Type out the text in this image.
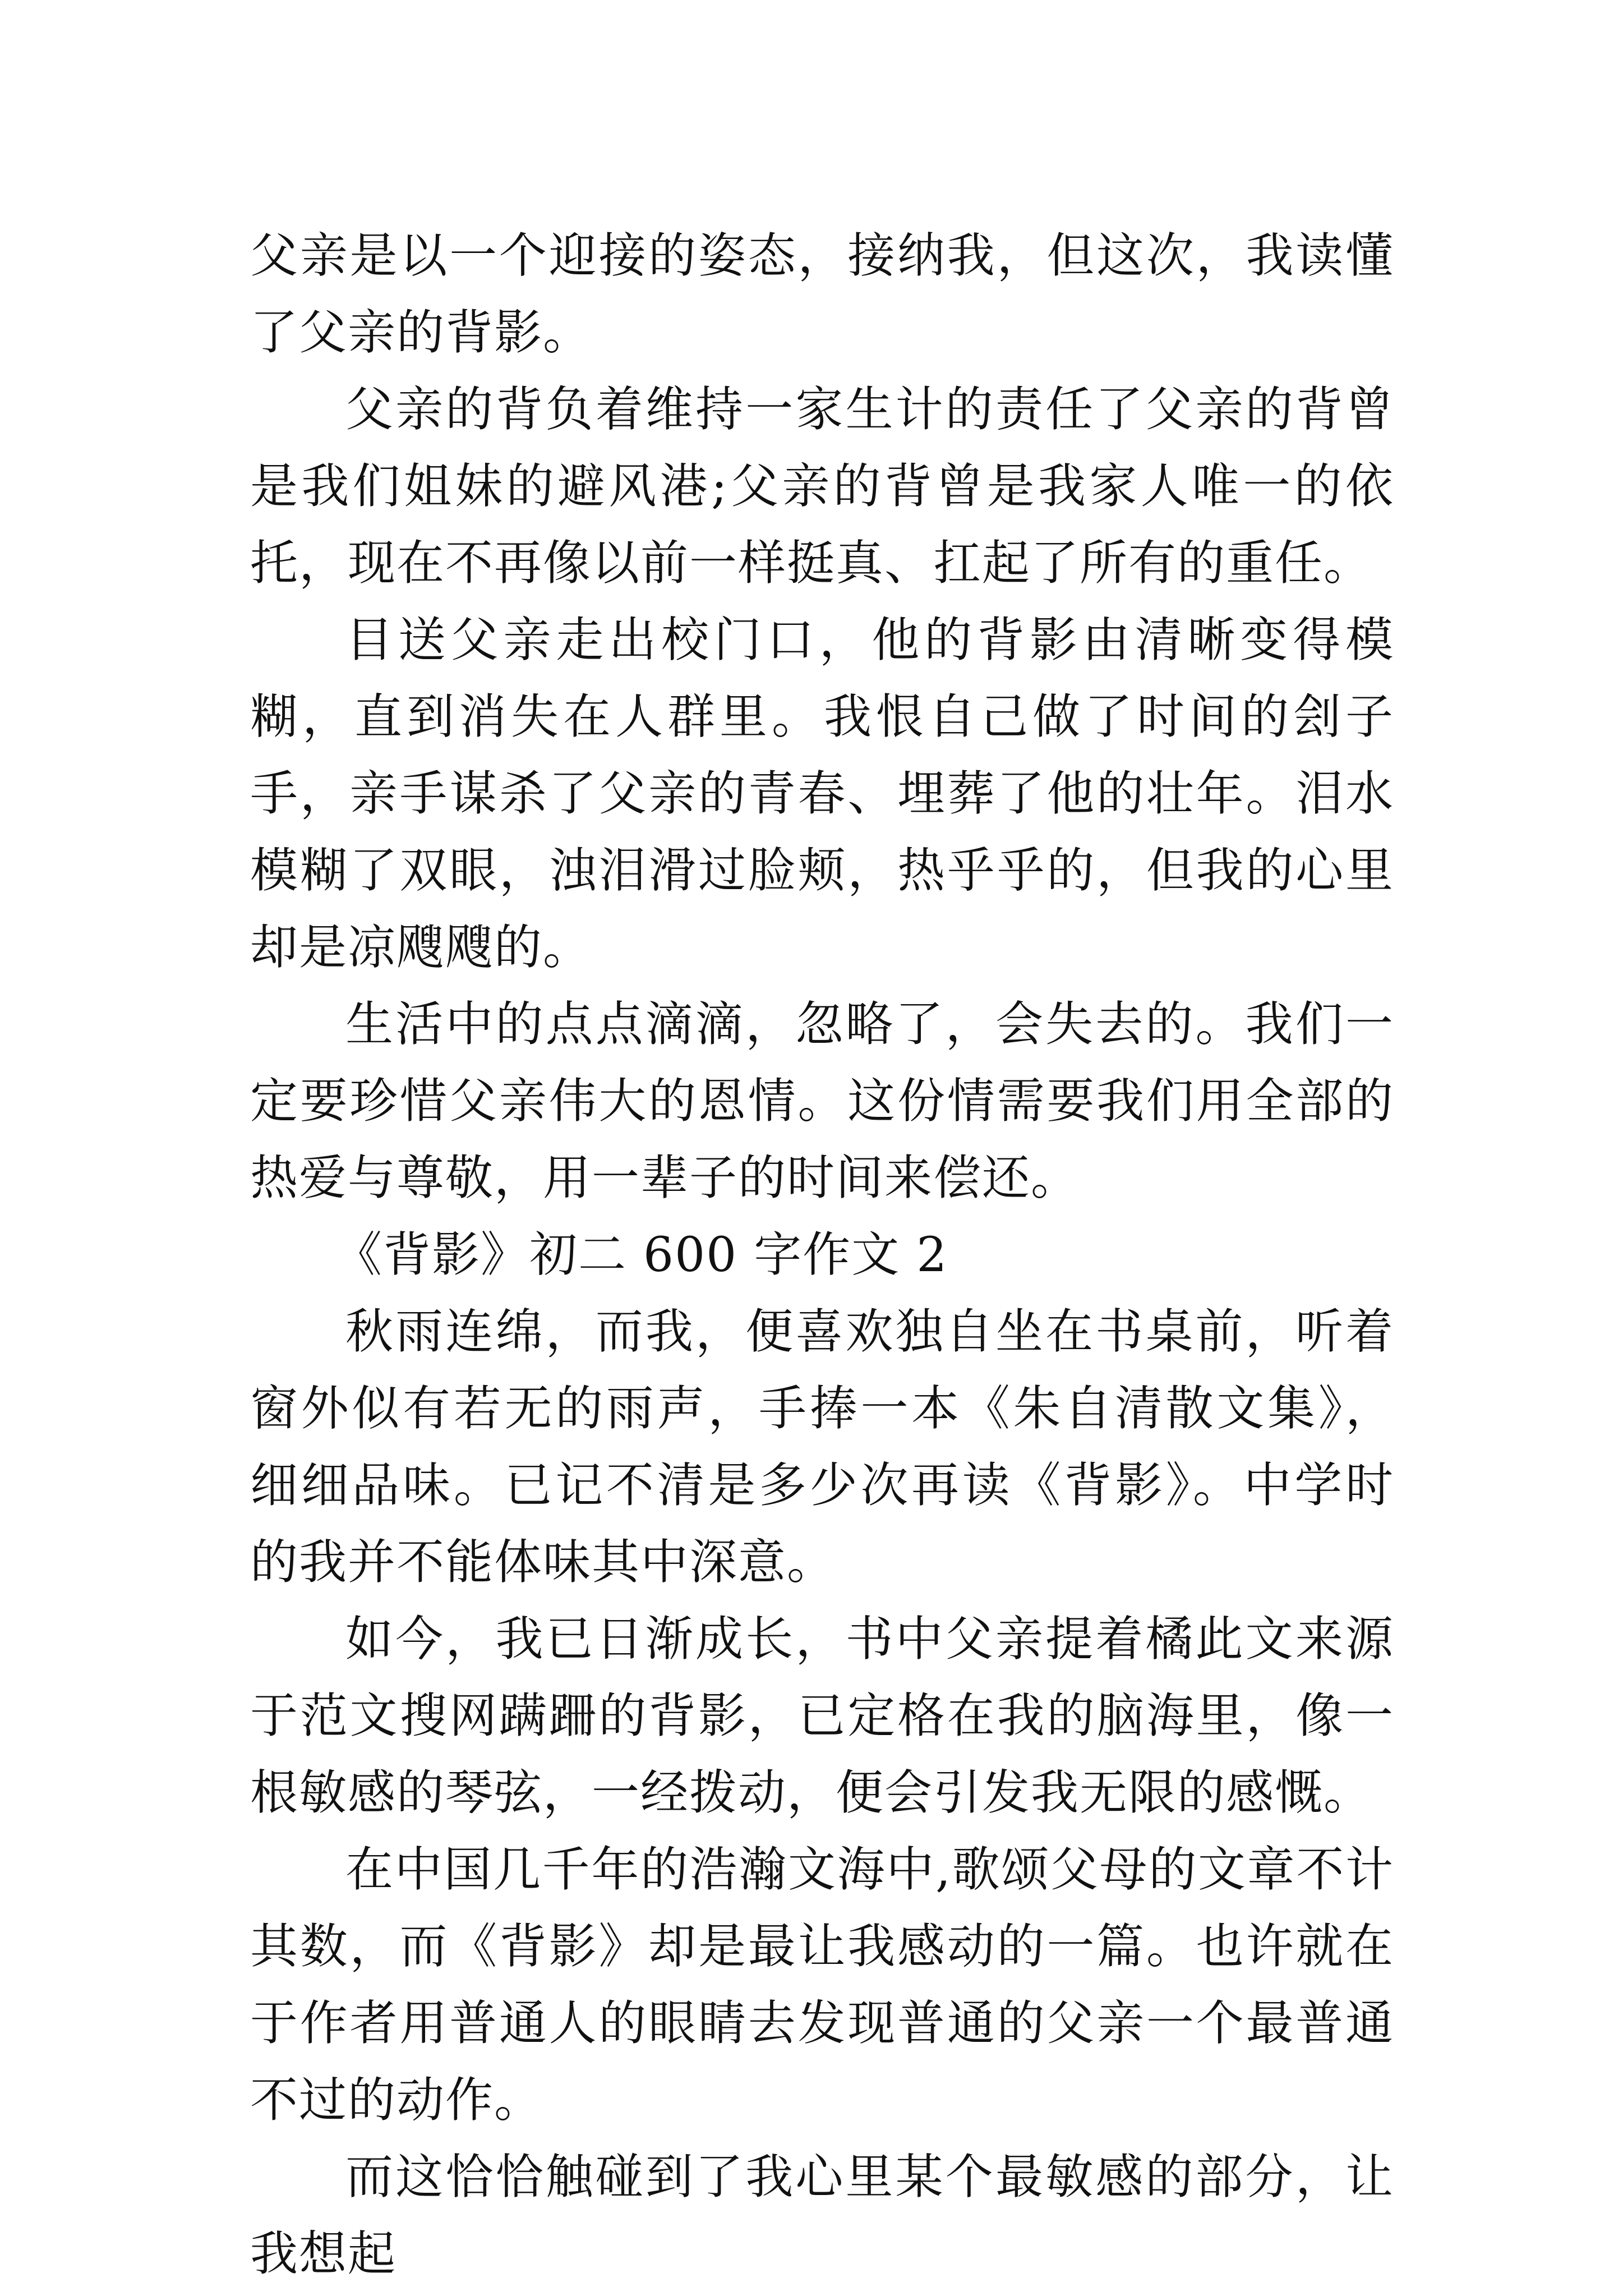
父亲是以一个迎接的姿态，接纳我，但这次，我读懂了父亲的背影。

父亲的背负着维持一家生计的责任了父亲的背曾是我们姐妹的避风港;父亲的背曾是我家人唯一的依托，现在不再像以前一样挺真、扛起了所有的重任。

目送父亲走出校门口，他的背影由清晰变得模糊，直到消失在人群里。我恨自己做了时间的刽子手，亲手谋杀了父亲的青春、埋葬了他的壮年。泪水模糊了双眼，浊泪滑过脸颊，热乎乎的，但我的心里却是凉飕飕的。

生活中的点点滴滴，忽略了，会失去的。我们一定要珍惜父亲伟大的恩情。这份情需要我们用全部的热爱与尊敬，用一辈子的时间来偿还。

《背影》初二 600 字作文 2

秋雨连绵，而我，便喜欢独自坐在书桌前，听着窗外似有若无的雨声，手捧一本《朱自清散文集》，细细品味。已记不清是多少次再读《背影》。中学时的我并不能体味其中深意。

如今，我已日渐成长，书中父亲提着橘此文来源于范文搜网蹒跚的背影，已定格在我的脑海里，像一根敏感的琴弦，一经拨动，便会引发我无限的感慨。

在中国几千年的浩瀚文海中,歌颂父母的文章不计其数，而《背影》却是最让我感动的一篇。也许就在于作者用普通人的眼睛去发现普通的父亲一个最普通不过的动作。

而这恰恰触碰到了我心里某个最敏感的部分，让我想起
